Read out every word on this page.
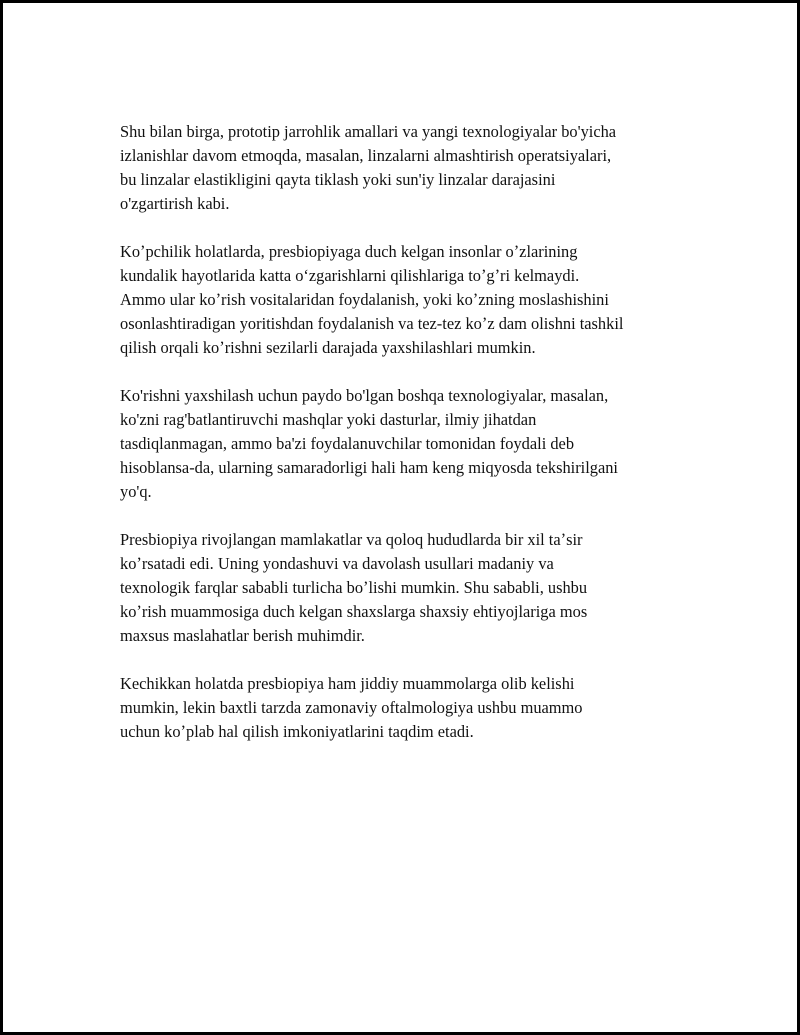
Shu bilan birga, prototip jarrohlik amallari va yangi texnologiyalar bo'yicha
izlanishlar davom etmoqda, masalan, linzalarni almashtirish operatsiyalari,
bu linzalar elastikligini qayta tiklash yoki sun'iy linzalar darajasini
o'zgartirish kabi.

Koʼpchilik holatlarda, presbiopiyaga duch kelgan insonlar oʼzlarining
kundalik hayotlarida katta oʻzgarishlarni qilishlariga toʼgʼri kelmaydi.
Ammo ular koʼrish vositalaridan foydalanish, yoki koʼzning moslashishini
osonlashtiradigan yoritishdan foydalanish va tez-tez koʼz dam olishni tashkil
qilish orqali koʼrishni sezilarli darajada yaxshilashlari mumkin.

Ko'rishni yaxshilash uchun paydo bo'lgan boshqa texnologiyalar, masalan,
ko'zni rag'batlantiruvchi mashqlar yoki dasturlar, ilmiy jihatdan
tasdiqlanmagan, ammo ba'zi foydalanuvchilar tomonidan foydali deb
hisoblansa-da, ularning samaradorligi hali ham keng miqyosda tekshirilgani
yo'q.

Presbiopiya rivojlangan mamlakatlar va qoloq hududlarda bir xil taʼsir
koʼrsatadi edi. Uning yondashuvi va davolash usullari madaniy va
texnologik farqlar sababli turlicha boʼlishi mumkin. Shu sababli, ushbu
koʼrish muammosiga duch kelgan shaxslarga shaxsiy ehtiyojlariga mos
maxsus maslahatlar berish muhimdir.

Kechikkan holatda presbiopiya ham jiddiy muammolarga olib kelishi
mumkin, lekin baxtli tarzda zamonaviy oftalmologiya ushbu muammo
uchun koʼplab hal qilish imkoniyatlarini taqdim etadi.
